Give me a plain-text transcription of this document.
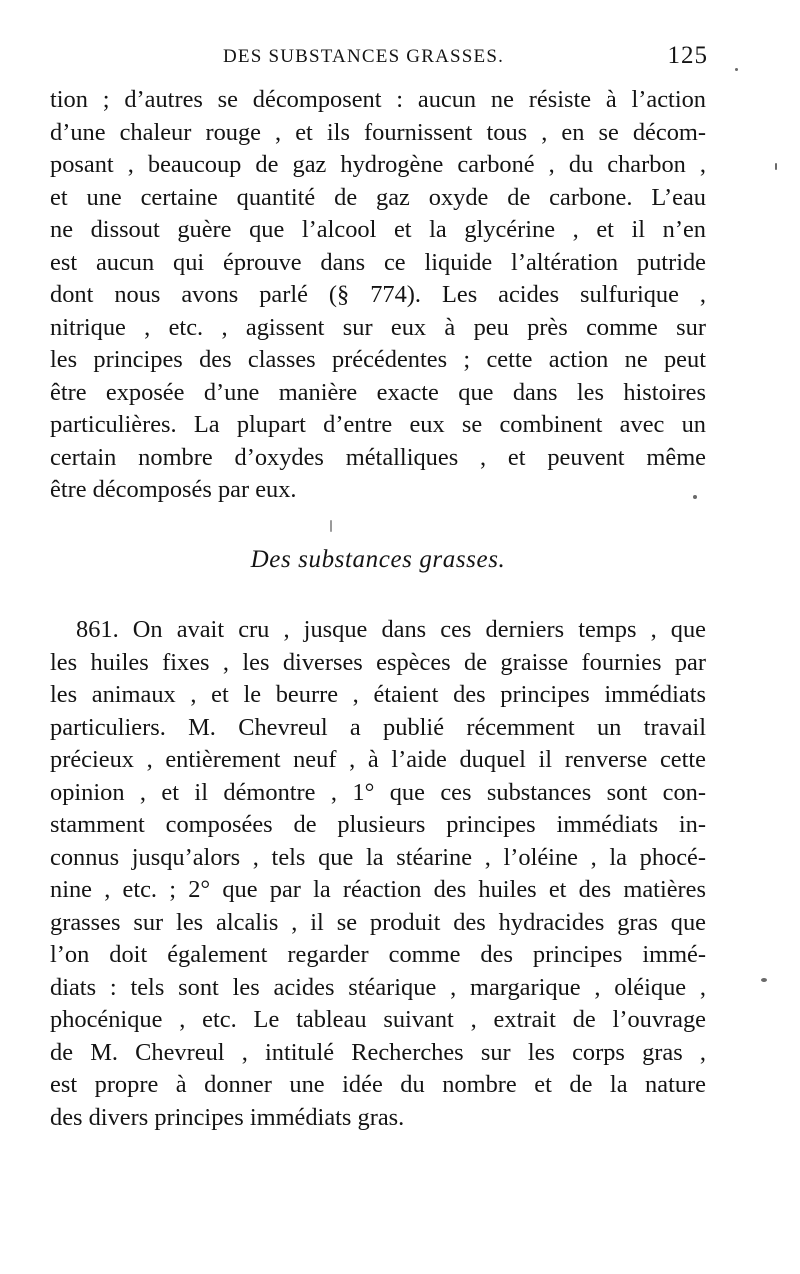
DES SUBSTANCES GRASSES.	125
tion ; d’autres se décomposent : aucun ne résiste à l’action
d’une chaleur rouge , et ils fournissent tous , en se décom-
posant , beaucoup de gaz hydrogène carboné , du charbon ,
et une certaine quantité de gaz oxyde de carbone. L’eau
ne dissout guère que l’alcool et la glycérine , et il n’en
est aucun qui éprouve dans ce liquide l’altération putride
dont nous avons parlé (§ 774). Les acides sulfurique ,
nitrique , etc. , agissent sur eux à peu près comme sur
les principes des classes précédentes ; cette action ne peut
être exposée d’une manière exacte que dans les histoires
particulières. La plupart d’entre eux se combinent avec un
certain nombre d’oxydes métalliques , et peuvent même
être décomposés par eux.
Des substances grasses.
861. On avait cru , jusque dans ces derniers temps , que
les huiles fixes , les diverses espèces de graisse fournies par
les animaux , et le beurre , étaient des principes immédiats
particuliers. M. Chevreul a publié récemment un travail
précieux , entièrement neuf , à l’aide duquel il renverse cette
opinion , et il démontre , 1° que ces substances sont con-
stamment composées de plusieurs principes immédiats in-
connus jusqu’alors , tels que la stéarine , l’oléine , la phocé-
nine , etc. ; 2° que par la réaction des huiles et des matières
grasses sur les alcalis , il se produit des hydracides gras que
l’on doit également regarder comme des principes immé-
diats : tels sont les acides stéarique , margarique , oléique ,
phocénique , etc. Le tableau suivant , extrait de l’ouvrage
de M. Chevreul , intitulé Recherches sur les corps gras ,
est propre à donner une idée du nombre et de la nature
des divers principes immédiats gras.
